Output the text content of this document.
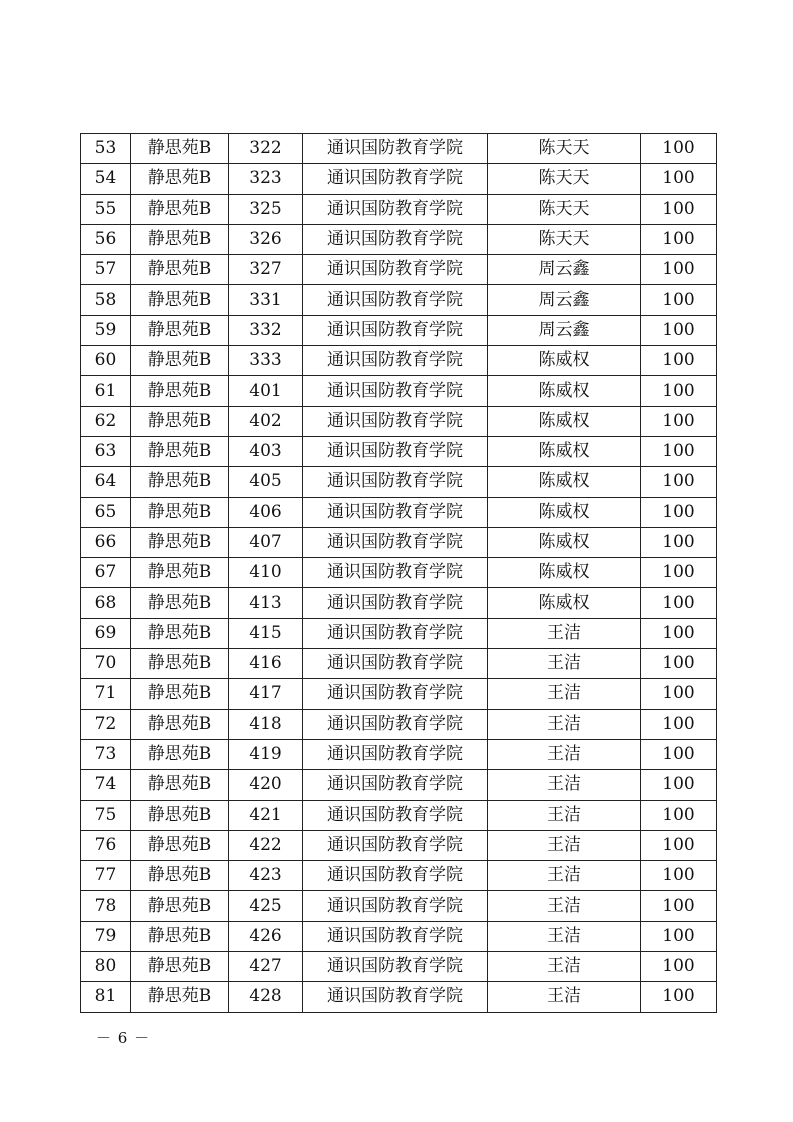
53	静思苑B	322	通识国防教育学院	陈天天	100
54	静思苑B	323	通识国防教育学院	陈天天	100
55	静思苑B	325	通识国防教育学院	陈天天	100
56	静思苑B	326	通识国防教育学院	陈天天	100
57	静思苑B	327	通识国防教育学院	周云鑫	100
58	静思苑B	331	通识国防教育学院	周云鑫	100
59	静思苑B	332	通识国防教育学院	周云鑫	100
60	静思苑B	333	通识国防教育学院	陈威权	100
61	静思苑B	401	通识国防教育学院	陈威权	100
62	静思苑B	402	通识国防教育学院	陈威权	100
63	静思苑B	403	通识国防教育学院	陈威权	100
64	静思苑B	405	通识国防教育学院	陈威权	100
65	静思苑B	406	通识国防教育学院	陈威权	100
66	静思苑B	407	通识国防教育学院	陈威权	100
67	静思苑B	410	通识国防教育学院	陈威权	100
68	静思苑B	413	通识国防教育学院	陈威权	100
69	静思苑B	415	通识国防教育学院	王洁	100
70	静思苑B	416	通识国防教育学院	王洁	100
71	静思苑B	417	通识国防教育学院	王洁	100
72	静思苑B	418	通识国防教育学院	王洁	100
73	静思苑B	419	通识国防教育学院	王洁	100
74	静思苑B	420	通识国防教育学院	王洁	100
75	静思苑B	421	通识国防教育学院	王洁	100
76	静思苑B	422	通识国防教育学院	王洁	100
77	静思苑B	423	通识国防教育学院	王洁	100
78	静思苑B	425	通识国防教育学院	王洁	100
79	静思苑B	426	通识国防教育学院	王洁	100
80	静思苑B	427	通识国防教育学院	王洁	100
81	静思苑B	428	通识国防教育学院	王洁	100
－ 6 －
